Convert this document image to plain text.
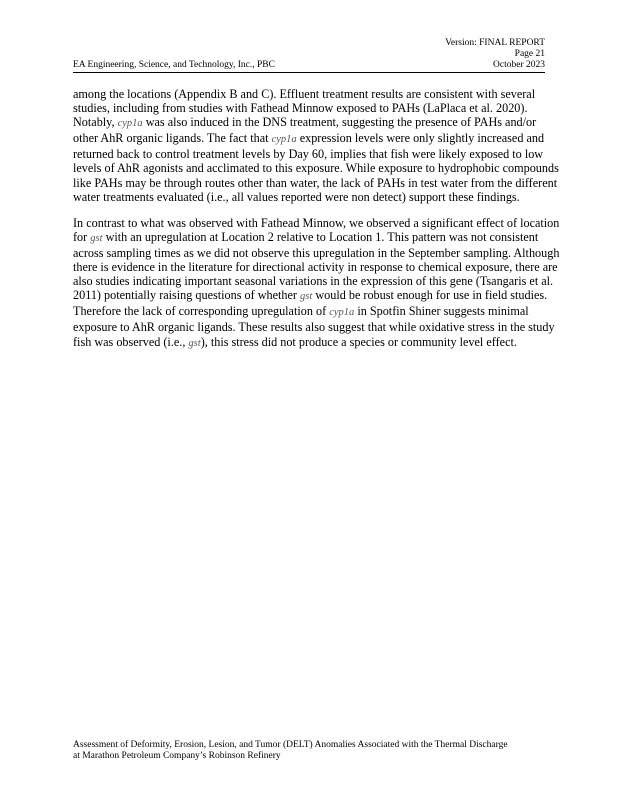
Version: FINAL REPORT
Page 21
October 2023
EA Engineering, Science, and Technology, Inc., PBC

among the locations (Appendix B and C). Effluent treatment results are consistent with several studies, including from studies with Fathead Minnow exposed to PAHs (LaPlaca et al. 2020). Notably, cyp1a was also induced in the DNS treatment, suggesting the presence of PAHs and/or other AhR organic ligands. The fact that cyp1a expression levels were only slightly increased and returned back to control treatment levels by Day 60, implies that fish were likely exposed to low levels of AhR agonists and acclimated to this exposure. While exposure to hydrophobic compounds like PAHs may be through routes other than water, the lack of PAHs in test water from the different water treatments evaluated (i.e., all values reported were non detect) support these findings.

In contrast to what was observed with Fathead Minnow, we observed a significant effect of location for gst with an upregulation at Location 2 relative to Location 1. This pattern was not consistent across sampling times as we did not observe this upregulation in the September sampling. Although there is evidence in the literature for directional activity in response to chemical exposure, there are also studies indicating important seasonal variations in the expression of this gene (Tsangaris et al. 2011) potentially raising questions of whether gst would be robust enough for use in field studies. Therefore the lack of corresponding upregulation of cyp1a in Spotfin Shiner suggests minimal exposure to AhR organic ligands. These results also suggest that while oxidative stress in the study fish was observed (i.e., gst), this stress did not produce a species or community level effect.

Assessment of Deformity, Erosion, Lesion, and Tumor (DELT) Anomalies Associated with the Thermal Discharge
at Marathon Petroleum Company’s Robinson Refinery
